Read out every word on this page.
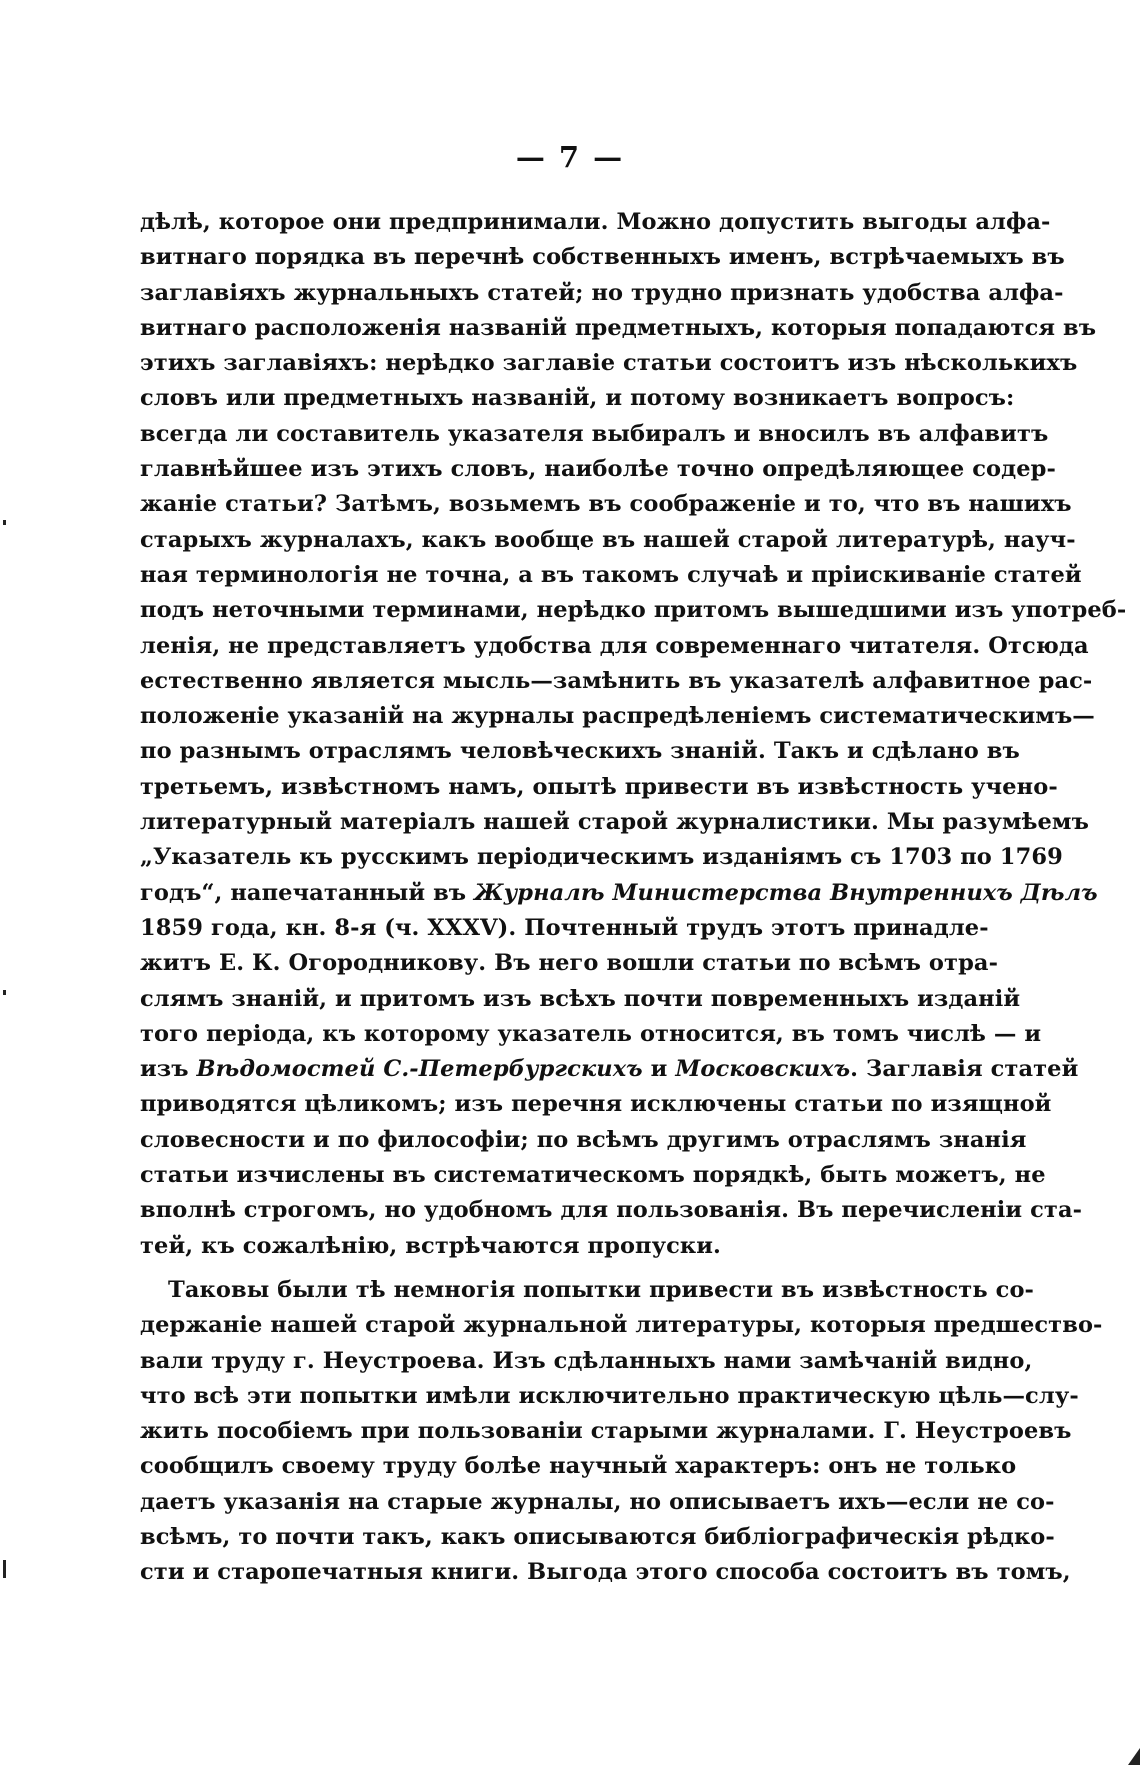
— 7 —
дѣлѣ, которое они предпринимали. Можно допустить выгоды алфа-
витнаго порядка въ перечнѣ собственныхъ именъ, встрѣчаемыхъ въ
заглавіяхъ журнальныхъ статей; но трудно признать удобства алфа-
витнаго расположенія названій предметныхъ, которыя попадаются въ
этихъ заглавіяхъ: нерѣдко заглавіе статьи состоитъ изъ нѣсколькихъ
словъ или предметныхъ названій, и потому возникаетъ вопросъ:
всегда ли составитель указателя выбиралъ и вносилъ въ алфавитъ
главнѣйшее изъ этихъ словъ, наиболѣе точно опредѣляющее содер-
жаніе статьи? Затѣмъ, возьмемъ въ соображеніе и то, что въ нашихъ
старыхъ журналахъ, какъ вообще въ нашей старой литературѣ, науч-
ная терминологія не точна, а въ такомъ случаѣ и пріискиваніе статей
подъ неточными терминами, нерѣдко притомъ вышедшими изъ употреб-
ленія, не представляетъ удобства для современнаго читателя. Отсюда
естественно является мысль—замѣнить въ указателѣ алфавитное рас-
положеніе указаній на журналы распредѣленіемъ систематическимъ—
по разнымъ отраслямъ человѣческихъ знаній. Такъ и сдѣлано въ
третьемъ, извѣстномъ намъ, опытѣ привести въ извѣстность учено-
литературный матеріалъ нашей старой журналистики. Мы разумѣемъ
„Указатель къ русскимъ періодическимъ изданіямъ съ 1703 по 1769
годъ“, напечатанный въ Журналѣ Министерства Внутреннихъ Дѣлъ
1859 года, кн. 8-я (ч. XXXV). Почтенный трудъ этотъ принадле-
житъ Е. К. Огородникову. Въ него вошли статьи по всѣмъ отра-
слямъ знаній, и притомъ изъ всѣхъ почти повременныхъ изданій
того періода, къ которому указатель относится, въ томъ числѣ — и
изъ Вѣдомостей С.-Петербургскихъ и Московскихъ. Заглавія статей
приводятся цѣликомъ; изъ перечня исключены статьи по изящной
словесности и по философіи; по всѣмъ другимъ отраслямъ знанія
статьи изчислены въ систематическомъ порядкѣ, быть можетъ, не
вполнѣ строгомъ, но удобномъ для пользованія. Въ перечисленіи ста-
тей, къ сожалѣнію, встрѣчаются пропуски.
Таковы были тѣ немногія попытки привести въ извѣстность со-
держаніе нашей старой журнальной литературы, которыя предшество-
вали труду г. Неустроева. Изъ сдѣланныхъ нами замѣчаній видно,
что всѣ эти попытки имѣли исключительно практическую цѣль—слу-
жить пособіемъ при пользованіи старыми журналами. Г. Неустроевъ
сообщилъ своему труду болѣе научный характеръ: онъ не только
даетъ указанія на старые журналы, но описываетъ ихъ—если не со-
всѣмъ, то почти такъ, какъ описываются библіографическія рѣдко-
сти и старопечатныя книги. Выгода этого способа состоитъ въ томъ,
